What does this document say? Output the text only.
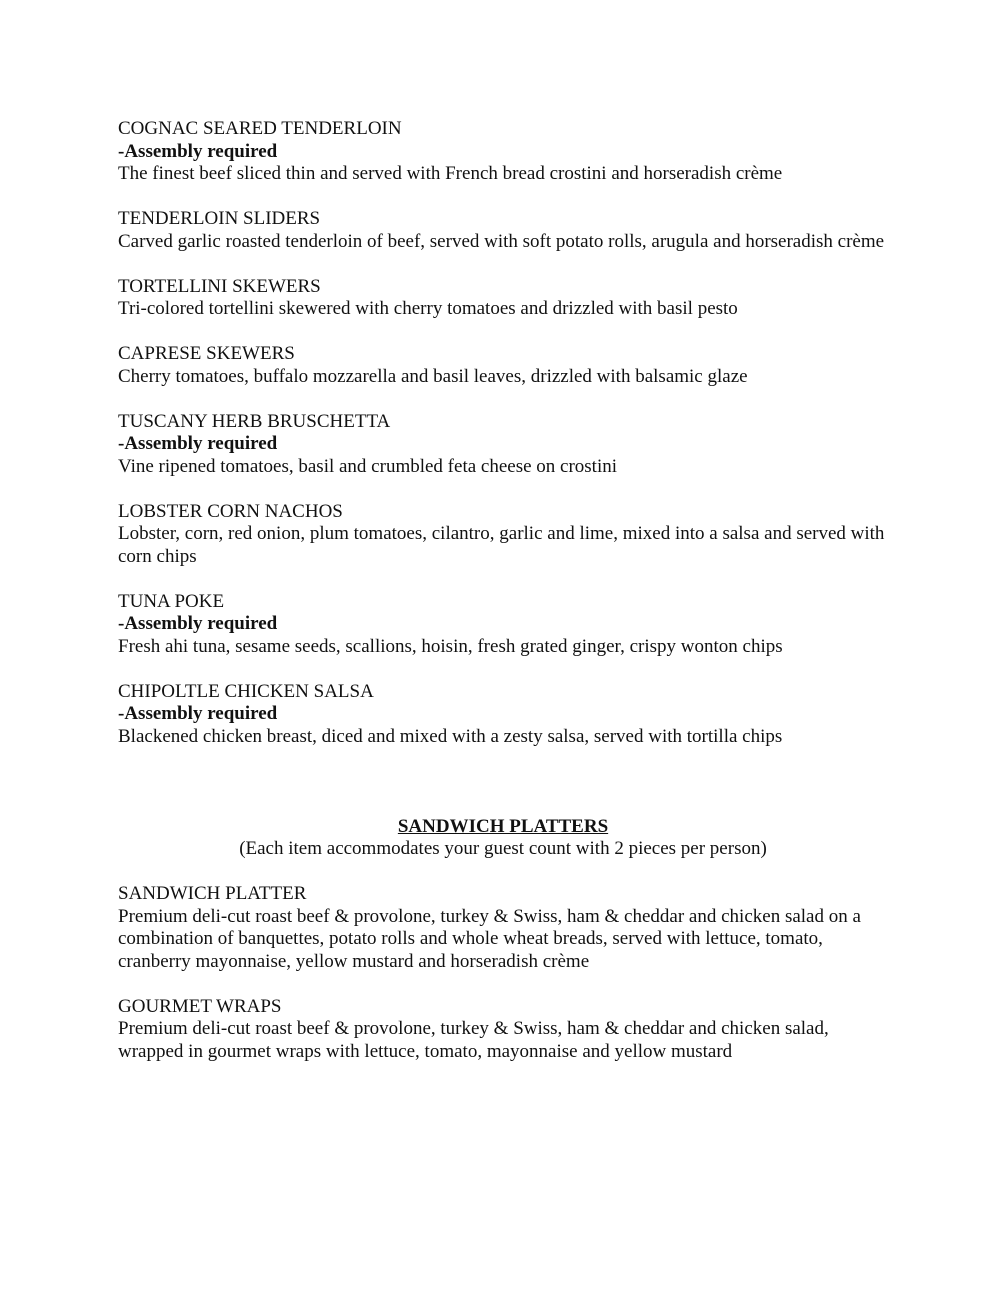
COGNAC SEARED TENDERLOIN
-Assembly required
The finest beef sliced thin and served with French bread crostini and horseradish crème
TENDERLOIN SLIDERS
Carved garlic roasted tenderloin of beef, served with soft potato rolls, arugula and horseradish crème
TORTELLINI SKEWERS
Tri-colored tortellini skewered with cherry tomatoes and drizzled with basil pesto
CAPRESE SKEWERS
Cherry tomatoes, buffalo mozzarella and basil leaves, drizzled with balsamic glaze
TUSCANY HERB BRUSCHETTA
-Assembly required
Vine ripened tomatoes, basil and crumbled feta cheese on crostini
LOBSTER CORN NACHOS
Lobster, corn, red onion, plum tomatoes, cilantro, garlic and lime, mixed into a salsa and served with corn chips
TUNA POKE
-Assembly required
Fresh ahi tuna, sesame seeds, scallions, hoisin, fresh grated ginger, crispy wonton chips
CHIPOLTLE CHICKEN SALSA
-Assembly required
Blackened chicken breast, diced and mixed with a zesty salsa, served with tortilla chips
SANDWICH PLATTERS
(Each item accommodates your guest count with 2 pieces per person)
SANDWICH PLATTER
Premium deli-cut roast beef & provolone, turkey & Swiss, ham & cheddar and chicken salad on a combination of banquettes, potato rolls and whole wheat breads, served with lettuce, tomato, cranberry mayonnaise, yellow mustard and horseradish crème
GOURMET WRAPS
Premium deli-cut roast beef & provolone, turkey & Swiss, ham & cheddar and chicken salad, wrapped in gourmet wraps with lettuce, tomato, mayonnaise and yellow mustard
